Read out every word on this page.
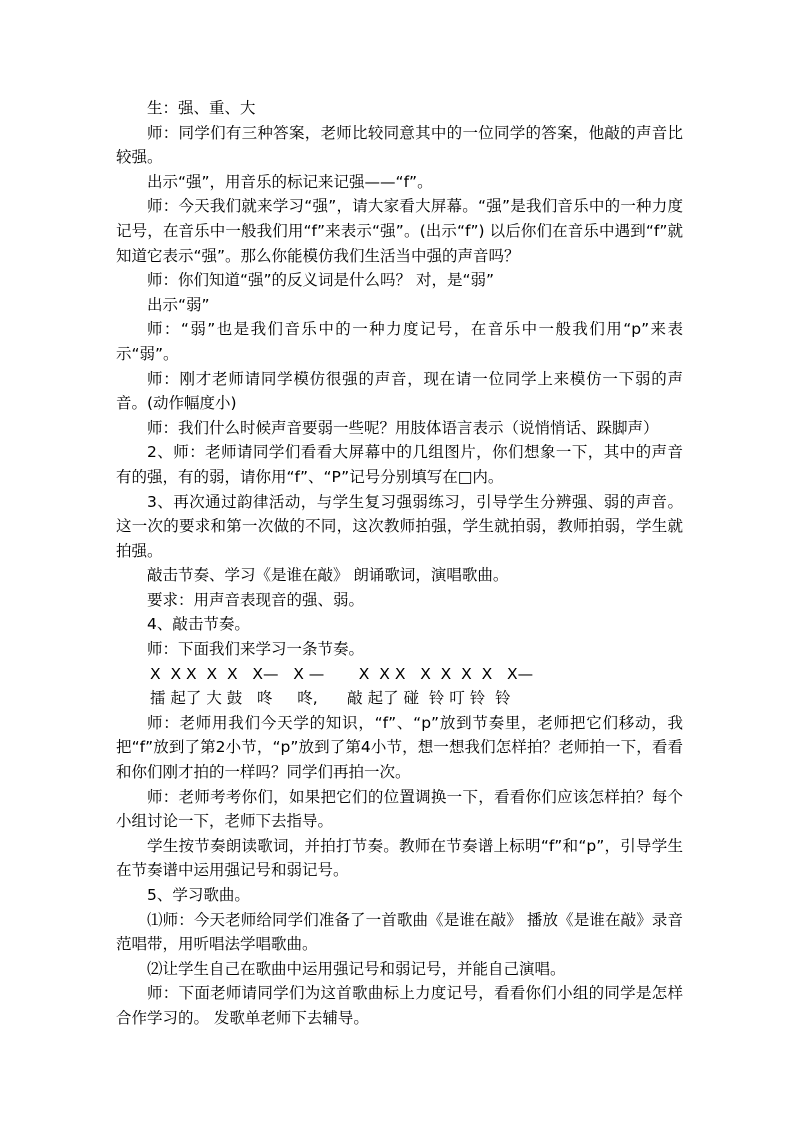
生：强、重、大

师：同学们有三种答案，老师比较同意其中的一位同学的答案，他敲的声音比较强。

出示“强”，用音乐的标记来记强——“f”。

师：今天我们就来学习“强”，请大家看大屏幕。“强”是我们音乐中的一种力度记号，在音乐中一般我们用“f”来表示“强”。(出示“f”) 以后你们在音乐中遇到“f”就知道它表示“强”。那么你能模仿我们生活当中强的声音吗？

师：你们知道“强”的反义词是什么吗？ 对，是“弱”

出示“弱”

师：“弱”也是我们音乐中的一种力度记号，在音乐中一般我们用“p”来表示“弱”。

师：刚才老师请同学模仿很强的声音，现在请一位同学上来模仿一下弱的声音。(动作幅度小)

师：我们什么时候声音要弱一些呢？用肢体语言表示（说悄悄话、跺脚声）

2、师：老师请同学们看看大屏幕中的几组图片，你们想象一下，其中的声音有的强，有的弱，请你用“f”、“P”记号分别填写在□内。

3、再次通过韵律活动，与学生复习强弱练习，引导学生分辨强、弱的声音。这一次的要求和第一次做的不同，这次教师拍强，学生就拍弱，教师拍弱，学生就拍强。

敲击节奏、学习《是谁在敲》 朗诵歌词，演唱歌曲。

要求：用声音表现音的强、弱。

4、敲击节奏。

师：下面我们来学习一条节奏。

X  X X  X  X   X—   X —       X  X X   X  X  X  X   X—

擂 起了 大 鼓   咚     咚,      敲 起了 碰  铃 叮 铃  铃

师：老师用我们今天学的知识，“f”、“p”放到节奏里，老师把它们移动，我把“f”放到了第2小节，“p”放到了第4小节，想一想我们怎样拍？老师拍一下，看看和你们刚才拍的一样吗？同学们再拍一次。

师：老师考考你们，如果把它们的位置调换一下，看看你们应该怎样拍？每个小组讨论一下，老师下去指导。

学生按节奏朗读歌词，并拍打节奏。教师在节奏谱上标明“f”和“p”，引导学生在节奏谱中运用强记号和弱记号。

5、学习歌曲。

⑴师：今天老师给同学们准备了一首歌曲《是谁在敲》 播放《是谁在敲》录音范唱带，用听唱法学唱歌曲。

⑵让学生自己在歌曲中运用强记号和弱记号，并能自己演唱。

师：下面老师请同学们为这首歌曲标上力度记号，看看你们小组的同学是怎样合作学习的。 发歌单老师下去辅导。
